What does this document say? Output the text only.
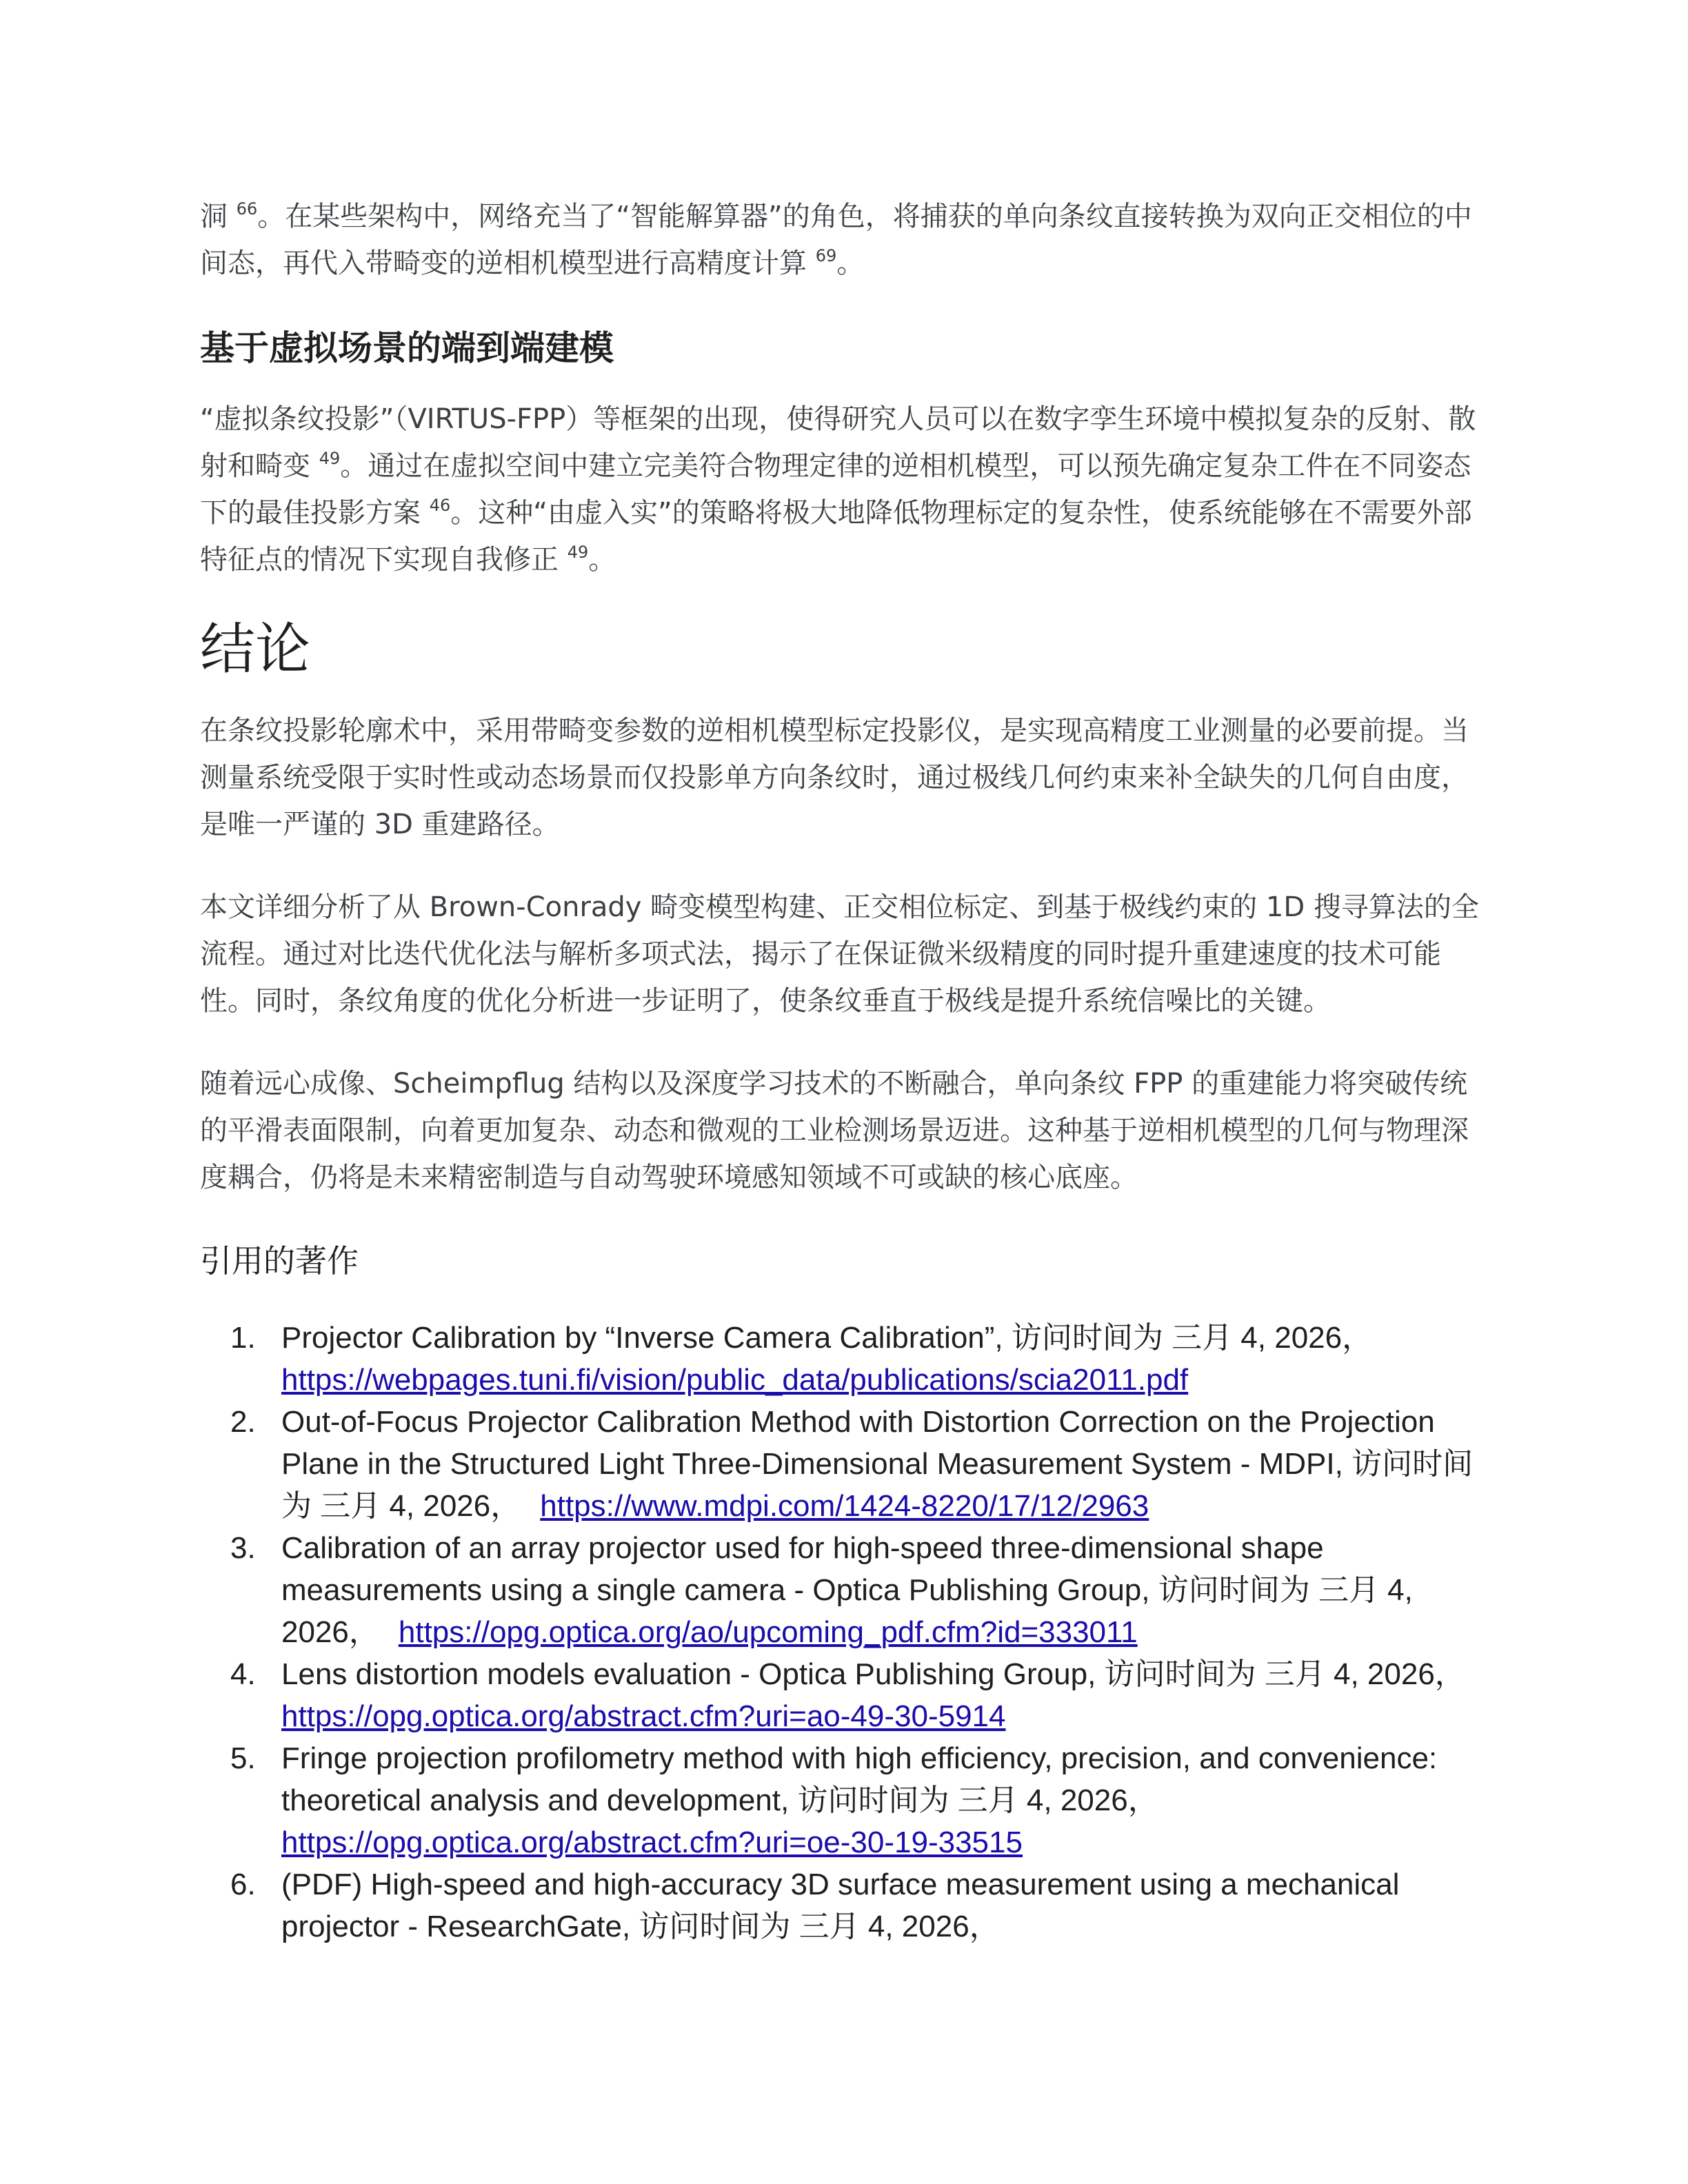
洞 $^{66}$。在某些架构中，网络充当了“智能解算器”的角色，将捕获的单向条纹直接转换为双向正交相位的中间态，再代入带畸变的逆相机模型进行高精度计算 $^{69}$。

基于虚拟场景的端到端建模

“虚拟条纹投影”（VIRTUS-FPP）等框架的出现，使得研究人员可以在数字孪生环境中模拟复杂的反射、散射和畸变 $^{49}$。通过在虚拟空间中建立完美符合物理定律的逆相机模型，可以预先确定复杂工件在不同姿态下的最佳投影方案 $^{46}$。这种“由虚入实”的策略将极大地降低物理标定的复杂性，使系统能够在不需要外部特征点的情况下实现自我修正 $^{49}$。

结论

在条纹投影轮廓术中，采用带畸变参数的逆相机模型标定投影仪，是实现高精度工业测量的必要前提。当测量系统受限于实时性或动态场景而仅投影单方向条纹时，通过极线几何约束来补全缺失的几何自由度，是唯一严谨的 3D 重建路径。

本文详细分析了从 Brown-Conrady 畸变模型构建、正交相位标定、到基于极线约束的 1D 搜寻算法的全流程。通过对比迭代优化法与解析多项式法，揭示了在保证微米级精度的同时提升重建速度的技术可能性。同时，条纹角度的优化分析进一步证明了，使条纹垂直于极线是提升系统信噪比的关键。

随着远心成像、Scheimpflug 结构以及深度学习技术的不断融合，单向条纹 FPP 的重建能力将突破传统的平滑表面限制，向着更加复杂、动态和微观的工业检测场景迈进。这种基于逆相机模型的几何与物理深度耦合，仍将是未来精密制造与自动驾驶环境感知领域不可或缺的核心底座。

引用的著作
1. Projector Calibration by “Inverse Camera Calibration”, 访问时间为 三月 4, 2026， https://webpages.tuni.fi/vision/public_data/publications/scia2011.pdf
2. Out-of-Focus Projector Calibration Method with Distortion Correction on the Projection Plane in the Structured Light Three-Dimensional Measurement System - MDPI, 访问时间为 三月 4, 2026， https://www.mdpi.com/1424-8220/17/12/2963
3. Calibration of an array projector used for high-speed three-dimensional shape measurements using a single camera - Optica Publishing Group, 访问时间为 三月 4, 2026， https://opg.optica.org/ao/upcoming_pdf.cfm?id=333011
4. Lens distortion models evaluation - Optica Publishing Group, 访问时间为 三月 4, 2026，https://opg.optica.org/abstract.cfm?uri=ao-49-30-5914
5. Fringe projection profilometry method with high efficiency, precision, and convenience: theoretical analysis and development, 访问时间为 三月 4, 2026， https://opg.optica.org/abstract.cfm?uri=oe-30-19-33515
6. (PDF) High-speed and high-accuracy 3D surface measurement using a mechanical projector - ResearchGate, 访问时间为 三月 4, 2026，
